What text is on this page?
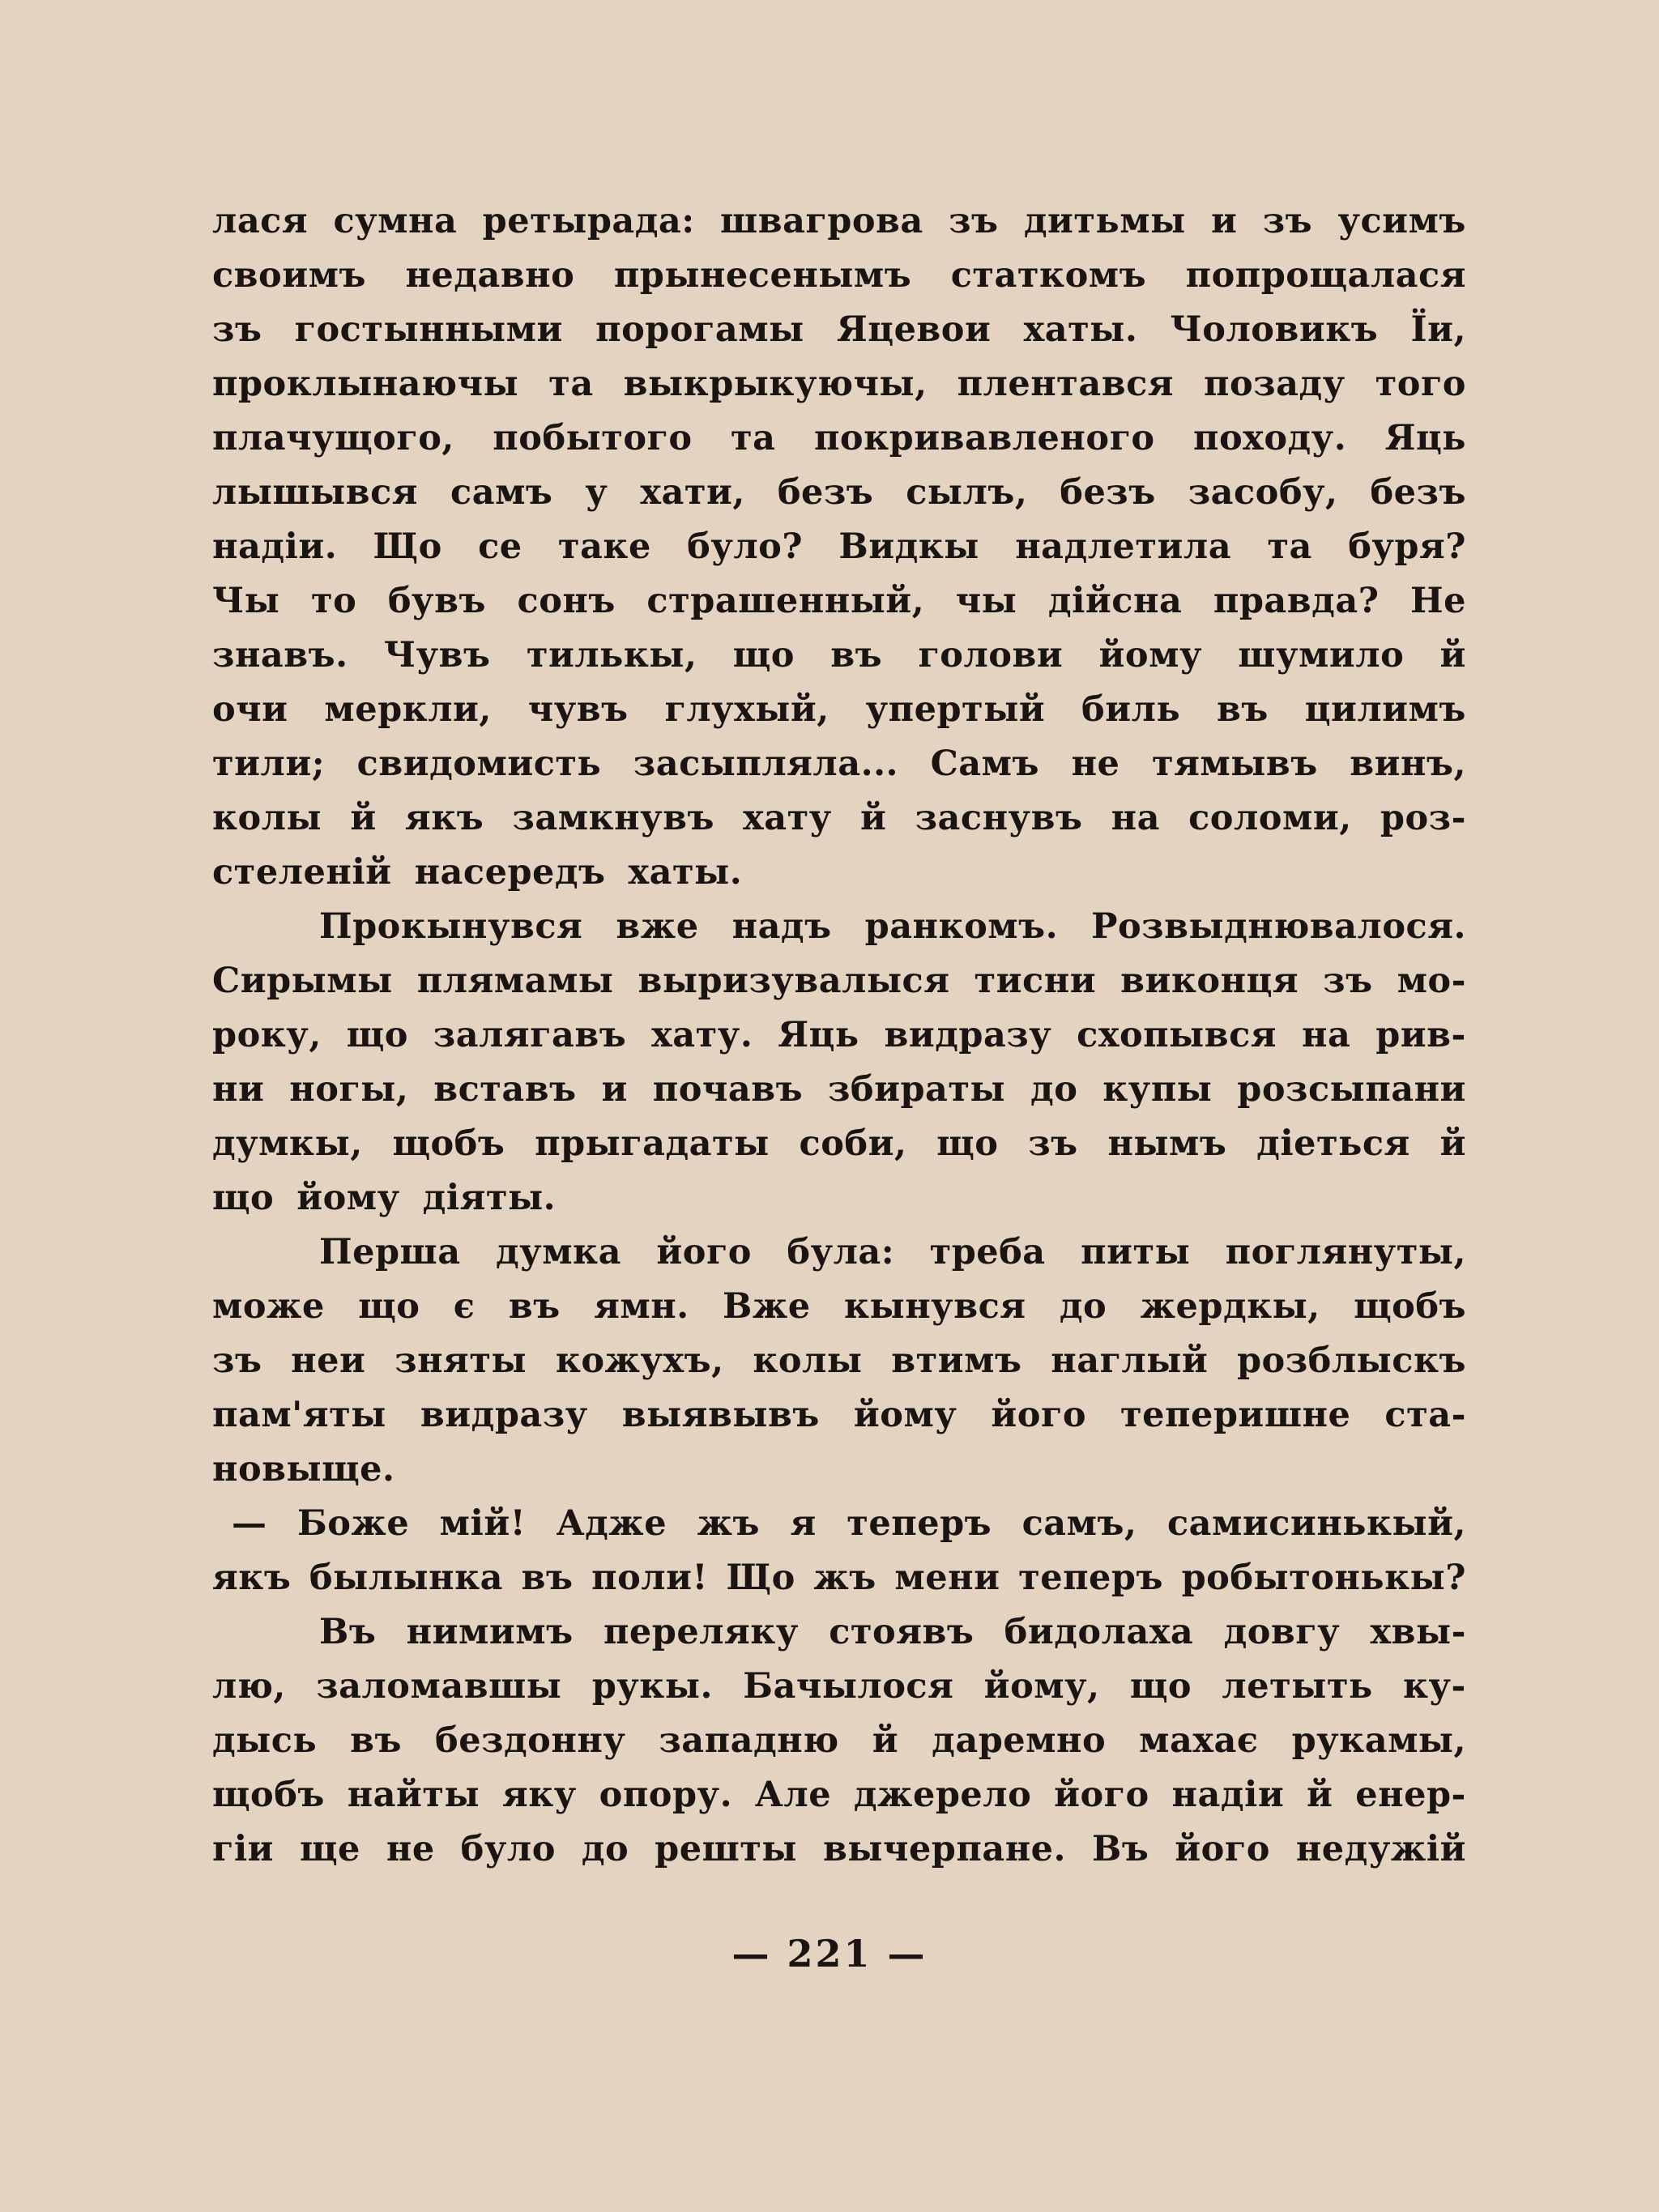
лася сумна ретырада: швагрова зъ дитьмы и зъ усимъ
своимъ недавно прынесенымъ статкомъ попрощалася
зъ гостынными порогамы Яцевои хаты. Чоловикъ Їи,
проклынаючы та выкрыкуючы, плентався позаду того
плачущого, побытого та покривавленого походу. Яць
лышывся самъ у хати, безъ сылъ, безъ засобу, безъ
надіи. Що се таке було? Видкы надлетила та буря?
Чы то бувъ сонъ страшенный, чы дійсна правда? Не
знавъ. Чувъ тилькы, що въ голови йому шумило й
очи меркли, чувъ глухый, упертый биль въ цилимъ
тили; свидомисть засыпляла... Самъ не тямывъ винъ,
колы й якъ замкнувъ хату й заснувъ на соломи, роз-
стеленій насередъ хаты.
Прокынувся вже надъ ранкомъ. Розвыднювалося.
Сирымы плямамы выризувалыся тисни виконця зъ мо-
року, що залягавъ хату. Яць видразу схопывся на рив-
ни ногы, вставъ и почавъ збираты до купы розсыпани
думкы, щобъ прыгадаты соби, що зъ нымъ діеться й
що йому діяты.
Перша думка його була: треба питы поглянуты,
може що є въ ямн. Вже кынувся до жердкы, щобъ
зъ неи зняты кожухъ, колы втимъ наглый розблыскъ
пам'яты видразу выявывъ йому його теперишне ста-
новыще.
— Боже мій! Адже жъ я теперъ самъ, самисинькый,
якъ былынка въ поли! Що жъ мени теперъ робытонькы?
Въ нимимъ переляку стоявъ бидолаха довгу хвы-
лю, заломавшы рукы. Бачылося йому, що летыть ку-
дысь въ бездонну западню й даремно махає рукамы,
щобъ найты яку опору. Але джерело його надіи й енер-
гіи ще не було до решты вычерпане. Въ його недужій
— 221 —
